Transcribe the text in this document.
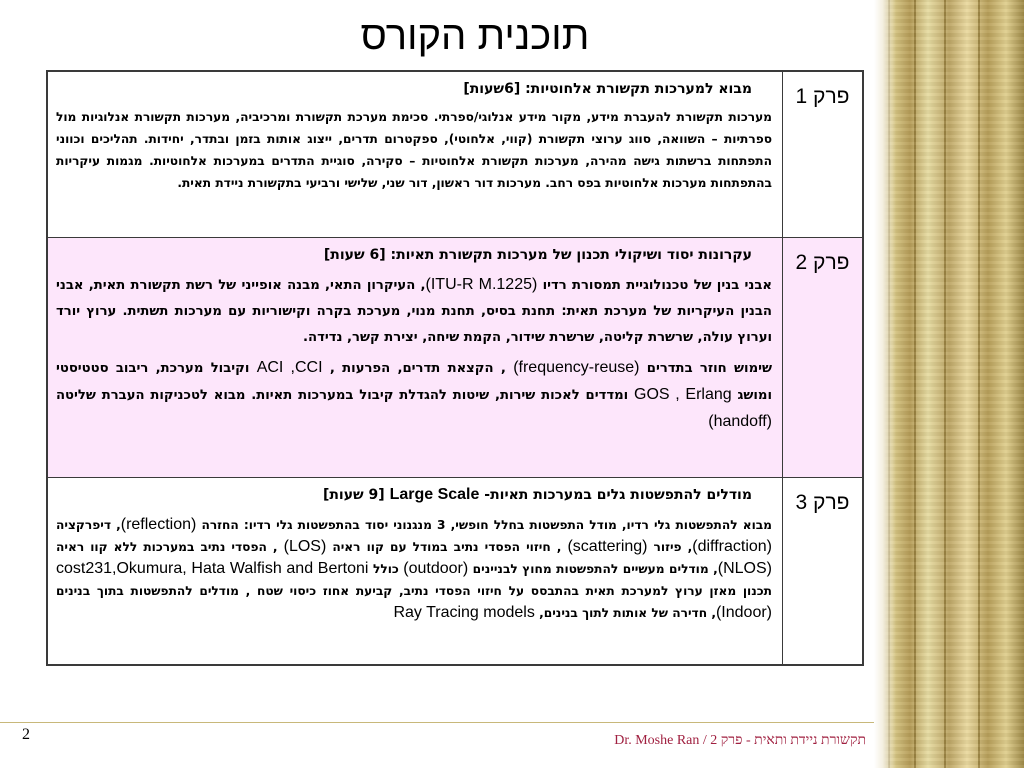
תוכנית הקורס
פרק 1

מבוא למערכות תקשורת אלחוטיות: [6שעות]

מערכות תקשורת להעברת מידע, מקור מידע אנלוגי/ספרתי. סכימת מערכת תקשורת ומרכיביה, מערכות תקשורת אנלוגיות מול ספרתיות – השוואה, סווג ערוצי תקשורת (קווי, אלחוטי), ספקטרום תדרים, ייצוג אותות בזמן ובתדר, יחידות. תהליכים וכווני התפתחות ברשתות גישה מהירה, מערכות תקשורת אלחוטיות – סקירה, סוגיית התדרים במערכות אלחוטיות. מגמות עיקריות בהתפתחות מערכות אלחוטיות בפס רחב. מערכות דור ראשון, דור שני, שלישי ורביעי בתקשורת ניידת תאית.

פרק 2

עקרונות יסוד ושיקולי תכנון של מערכות תקשורת תאיות: [6 שעות]

אבני בנין של טכנולוגיית תמסורת רדיו (ITU-R M.1225), העיקרון התאי, מבנה אופייני של רשת תקשורת תאית, אבני הבנין העיקריות של מערכת תאית: תחנת בסיס, תחנת מנוי, מערכת בקרה וקישוריות עם מערכות תשתית. ערוץ יורד וערוץ עולה, שרשרת קליטה, שרשרת שידור, הקמת שיחה, יצירת קשר, נדידה.

שימוש חוזר בתדרים (frequency-reuse) , הקצאת תדרים, הפרעות , ACI ,CCI וקיבול מערכת, ריבוב סטטיסטי ומושג GOS , Erlang ומדדים לאכות שירות, שיטות להגדלת קיבול במערכות תאיות. מבוא לטכניקות העברת שליטה (handoff)

פרק 3

מודלים להתפשטות גלים במערכות תאיות- Large Scale [9 שעות]

מבוא להתפשטות גלי רדיו, מודל התפשטות בחלל חופשי, 3 מנגנוני יסוד בהתפשטות גלי רדיו: החזרה (reflection), דיפרקציה (diffraction), פיזור (scattering) , חיזוי הפסדי נתיב במודל עם קוו ראיה (LOS) , הפסדי נתיב במערכות ללא קוו ראיה (NLOS), מודלים מעשיים להתפשטות מחוץ לבניינים (outdoor) כולל cost231,Okumura, Hata Walfish and Bertoni תכנון מאזן ערוץ למערכת תאית בהתבסס על חיזוי הפסדי נתיב, קביעת אחוז כיסוי שטח , מודלים להתפשטות בתוך בנינים (Indoor), חדירה של אותות לתוך בנינים, Ray Tracing models

2	Dr. Moshe Ran / תקשורת ניידת ותאית - פרק 2
